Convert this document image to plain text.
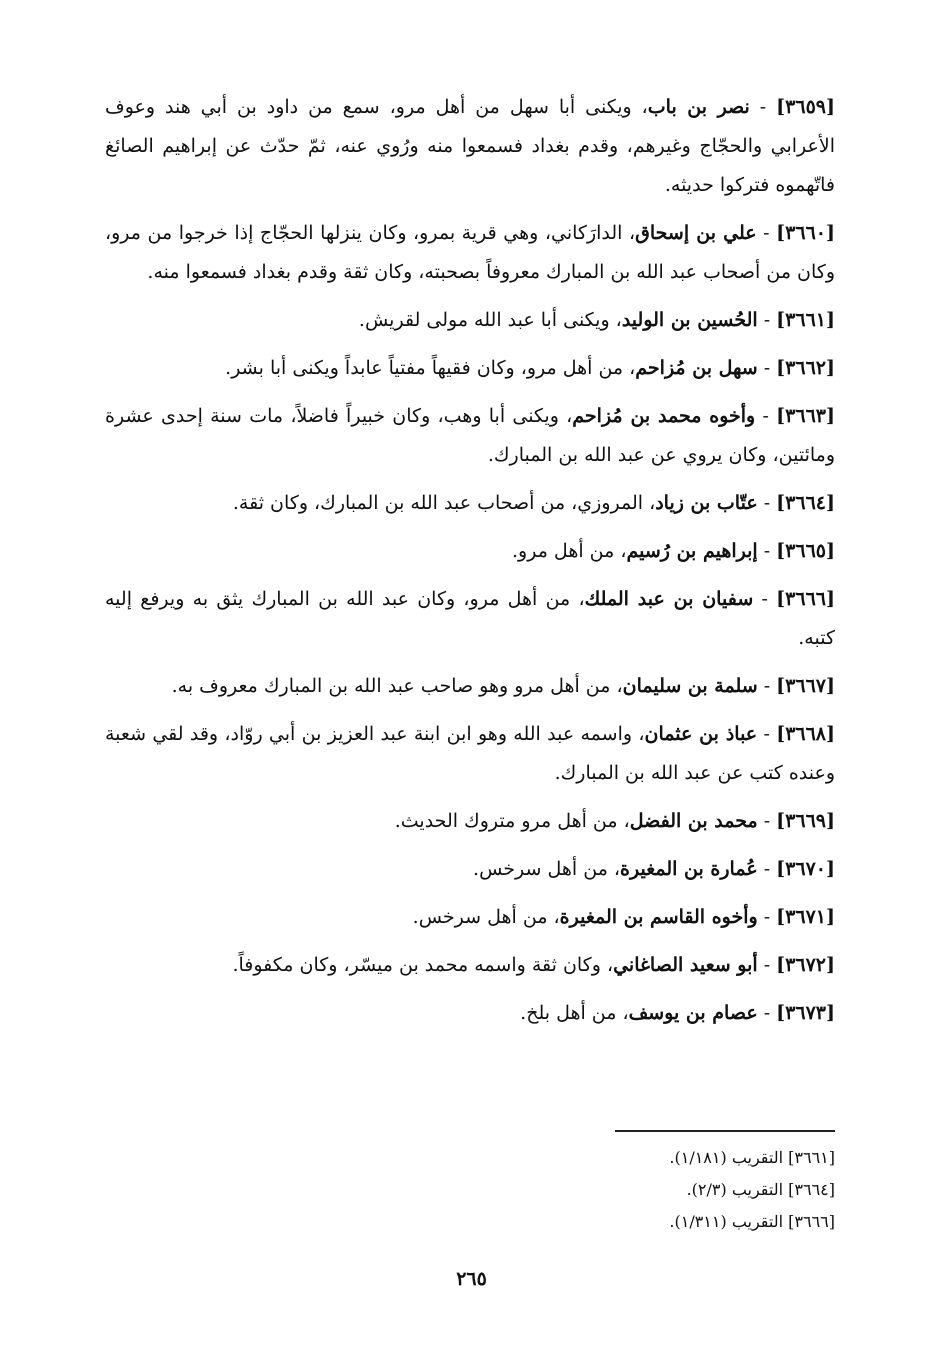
[٣٦٥٩] - نصر بن باب، ويكنى أبا سهل من أهل مرو، سمع من داود بن أبي هند وعوف الأعرابي والحجّاج وغيرهم، وقدم بغداد فسمعوا منه ورُوي عنه، ثمّ حدّث عن إبراهيم الصائغ فاتّهموه فتركوا حديثه.

[٣٦٦٠] - علي بن إسحاق، الدارَكاني، وهي قرية بمرو، وكان ينزلها الحجّاج إذا خرجوا من مرو، وكان من أصحاب عبد الله بن المبارك معروفاً بصحبته، وكان ثقة وقدم بغداد فسمعوا منه.

[٣٦٦١] - الحُسين بن الوليد، ويكنى أبا عبد الله مولى لقريش.

[٣٦٦٢] - سهل بن مُزاحم، من أهل مرو، وكان فقيهاً مفتياً عابداً ويكنى أبا بشر.

[٣٦٦٣] - وأخوه محمد بن مُزاحم، ويكنى أبا وهب، وكان خبيراً فاضلاً، مات سنة إحدى عشرة ومائتين، وكان يروي عن عبد الله بن المبارك.

[٣٦٦٤] - عتّاب بن زياد، المروزي، من أصحاب عبد الله بن المبارك، وكان ثقة.

[٣٦٦٥] - إبراهيم بن رُسيم، من أهل مرو.

[٣٦٦٦] - سفيان بن عبد الملك، من أهل مرو، وكان عبد الله بن المبارك يثق به ويرفع إليه كتبه.

[٣٦٦٧] - سلمة بن سليمان، من أهل مرو وهو صاحب عبد الله بن المبارك معروف به.

[٣٦٦٨] - عباذ بن عثمان، واسمه عبد الله وهو ابن ابنة عبد العزيز بن أبي روّاد، وقد لقي شعبة وعنده كتب عن عبد الله بن المبارك.

[٣٦٦٩] - محمد بن الفضل، من أهل مرو متروك الحديث.

[٣٦٧٠] - عُمارة بن المغيرة، من أهل سرخس.

[٣٦٧١] - وأخوه القاسم بن المغيرة، من أهل سرخس.

[٣٦٧٢] - أبو سعيد الصاغاني، وكان ثقة واسمه محمد بن ميسّر، وكان مكفوفاً.

[٣٦٧٣] - عصام بن يوسف، من أهل بلخ.

[٣٦٦١] التقريب (١/١٨١).

[٣٦٦٤] التقريب (٢/٣).

[٣٦٦٦] التقريب (١/٣١١).

٢٦٥
